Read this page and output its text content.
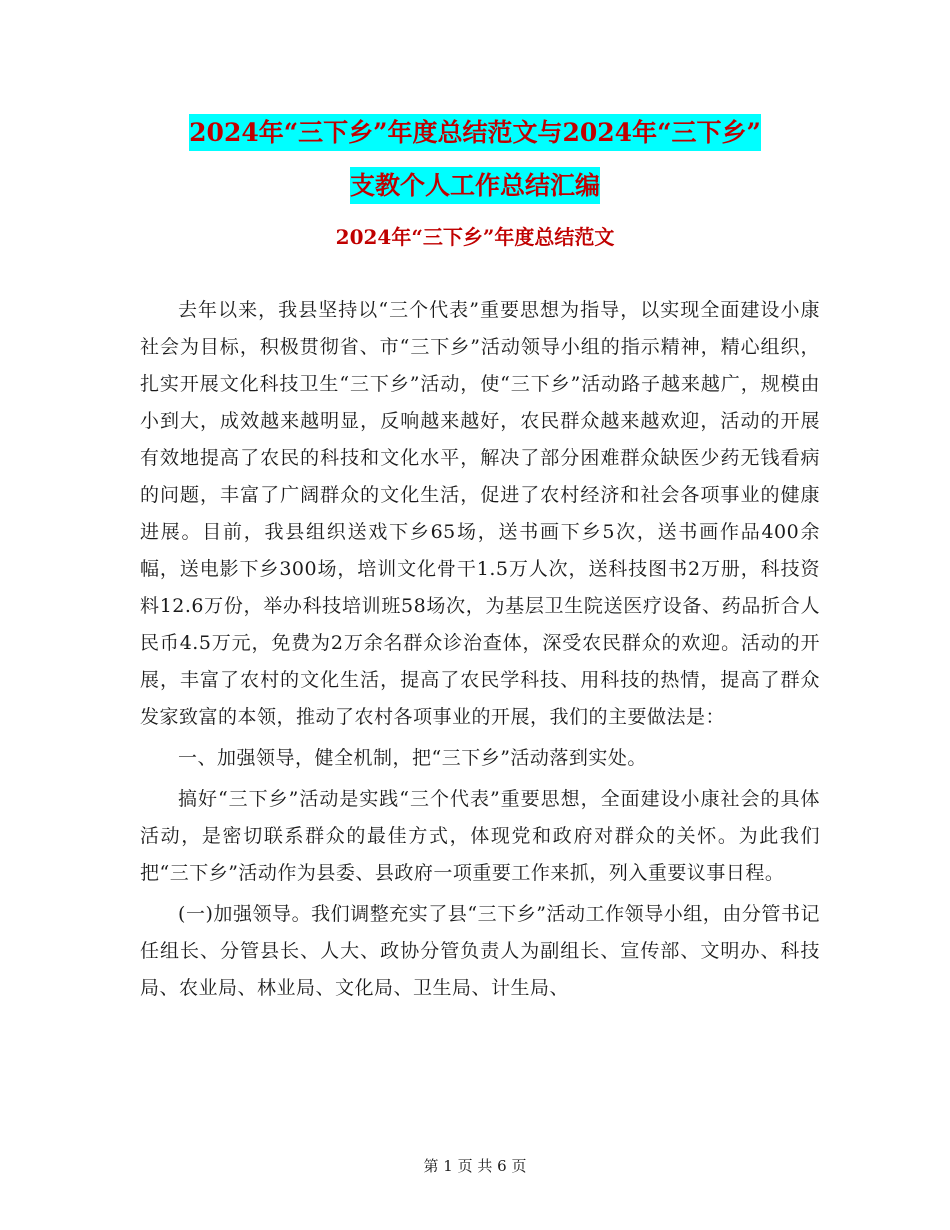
2024年“三下乡”年度总结范文与2024年“三下乡”
支教个人工作总结汇编
2024年“三下乡”年度总结范文

去年以来，我县坚持以“三个代表”重要思想为指导，以实现全面建设小康社会为目标，积极贯彻省、市“三下乡”活动领导小组的指示精神，精心组织，扎实开展文化科技卫生“三下乡”活动，使“三下乡”活动路子越来越广，规模由小到大，成效越来越明显，反响越来越好，农民群众越来越欢迎，活动的开展有效地提高了农民的科技和文化水平，解决了部分困难群众缺医少药无钱看病的问题，丰富了广阔群众的文化生活，促进了农村经济和社会各项事业的健康进展。目前，我县组织送戏下乡65场，送书画下乡5次，送书画作品400余幅，送电影下乡300场，培训文化骨干1.5万人次，送科技图书2万册，科技资料12.6万份，举办科技培训班58场次，为基层卫生院送医疗设备、药品折合人民币4.5万元，免费为2万余名群众诊治查体，深受农民群众的欢迎。活动的开展，丰富了农村的文化生活，提高了农民学科技、用科技的热情，提高了群众发家致富的本领，推动了农村各项事业的开展，我们的主要做法是：

一、加强领导，健全机制，把“三下乡”活动落到实处。

搞好“三下乡”活动是实践“三个代表”重要思想，全面建设小康社会的具体活动，是密切联系群众的最佳方式，体现党和政府对群众的关怀。为此我们把“三下乡”活动作为县委、县政府一项重要工作来抓，列入重要议事日程。

(一)加强领导。我们调整充实了县“三下乡”活动工作领导小组，由分管书记任组长、分管县长、人大、政协分管负责人为副组长、宣传部、文明办、科技局、农业局、林业局、文化局、卫生局、计生局、

第 1 页 共 6 页
